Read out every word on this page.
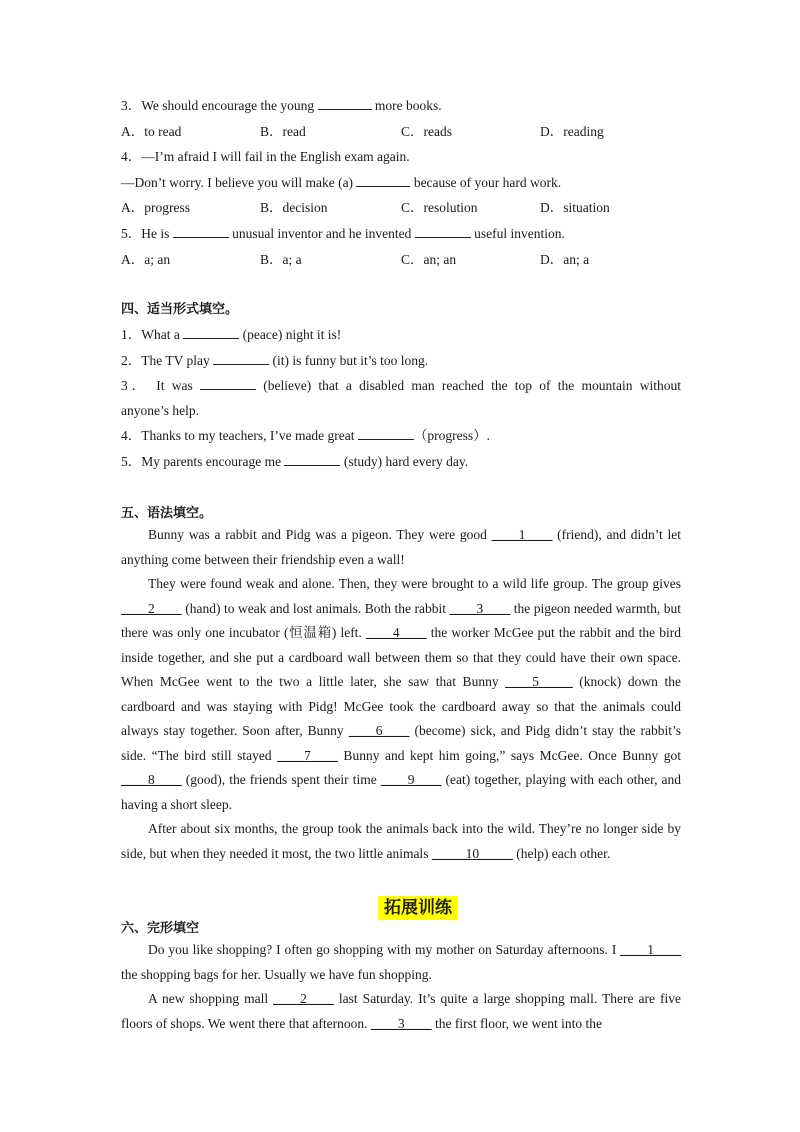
3．We should encourage the young	more books.
A．to read	B．read	C．reads	D．reading
4．—I’m afraid I will fail in the English exam again.
—Don’t worry. I believe you will make (a)	because of your hard work.
A．progress	B．decision	C．resolution	D．situation
5．He is	unusual inventor and he invented	useful invention.
A．a; an	B．a; a	C．an; an	D．an; a
四、适当形式填空。
1．What a	(peace) night it is!
2．The TV play	(it) is funny but it’s too long.
3． It was	(believe) that a disabled man reached the top of the mountain without
anyone’s help.
4．Thanks to my teachers, I’ve made great	（progress）.
5．My parents encourage me	(study) hard every day.
五、语法填空。

Bunny was a rabbit and Pidg was a pigeon. They were good ____1____ (friend), and didn’t let anything come between their friendship even a wall!

They were found weak and alone. Then, they were brought to a wild life group. The group gives ____2____ (hand) to weak and lost animals. Both the rabbit ____3____ the pigeon needed warmth, but there was only one incubator (恒温箱) left. ____4____ the worker McGee put the rabbit and the bird inside together, and she put a cardboard wall between them so that they could have their own space. When McGee went to the two a little later, she saw that Bunny ____5_____ (knock) down the cardboard and was staying with Pidg! McGee took the cardboard away so that the animals could always stay together. Soon after, Bunny ____6____ (become) sick, and Pidg didn’t stay the rabbit’s side. “The bird still stayed ____7____ Bunny and kept him going,” says McGee. Once Bunny got ____8____ (good), the friends spent their time ____9____ (eat) together, playing with each other, and having a short sleep.

After about six months, the group took the animals back into the wild. They’re no longer side by side, but when they needed it most, the two little animals _____10_____ (help) each other.

拓展训练
六、完形填空

Do you like shopping? I often go shopping with my mother on Saturday afternoons. I ____1____ the shopping bags for her. Usually we have fun shopping.

A new shopping mall ____2____ last Saturday. It’s quite a large shopping mall. There are five floors of shops. We went there that afternoon. ____3____ the first floor, we went into the
